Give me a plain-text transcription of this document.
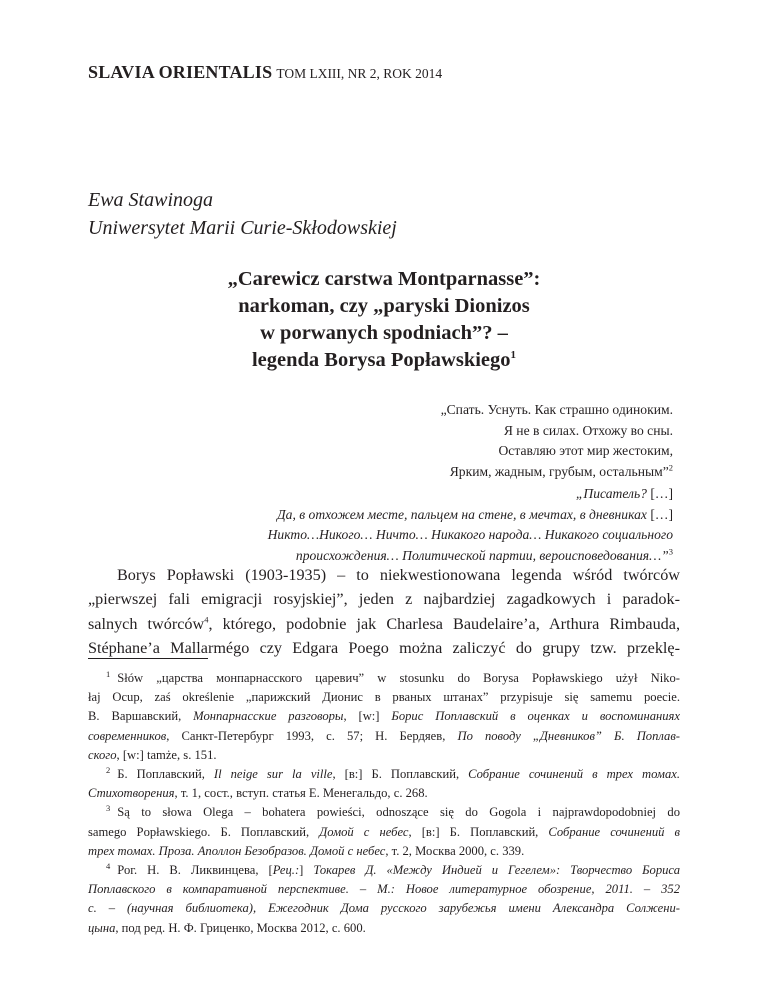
SLAVIA ORIENTALIS TOM LXIII, NR 2, ROK 2014
Ewa Stawinoga
Uniwersytet Marii Curie-Skłodowskiej
„Carewicz carstwa Montparnasse”:
narkoman, czy „paryski Dionizos
w porwanych spodniach”? –
legenda Borysa Popławskiego$^1$
„Спать. Уснуть. Как страшно одиноким.
Я не в силах. Отхожу во сны.
Оставляю этот мир жестоким,
Ярким, жадным, грубым, остальным”$^2$
„Писатель? […]
Да, в отхожем месте, пальцем на стене, в мечтах, в дневниках […]
Никто…Никого… Ничто… Никакого народа… Никакого социального
происхождения… Политической партии, вероисповедования…”$^3$
Borys Popławski (1903-1935) – to niekwestionowana legenda wśród twórców
„pierwszej fali emigracji rosyjskiej”, jeden z najbardziej zagadkowych i paradok-
salnych twórców$^4$, którego, podobnie jak Charlesa Baudelaire’a, Arthura Rimbauda,
Stéphane’a Mallarmégo czy Edgara Poego można zaliczyć do grupy tzw. przeklę-
$^1$ Słów „царства монпарнасского царевич” w stosunku do Borysa Popławskiego użył Niko-
łaj Ocup, zaś określenie „парижский Дионис в рваных штанах” przypisuje się samemu poecie.
В. Варшавский, Монпарнасские разговоры, [w:] Борис Поплавский в оценках и воспоминаниях
современников, Санкт-Петербург 1993, с. 57; Н. Бердяев, По поводу „Дневников” Б. Поплав-
ского, [w:] tamże, s. 151.
$^2$ Б. Поплавский, Il neige sur la ville, [в:] Б. Поплавский, Собрание сочинений в трех томах.
Стихотворения, т. 1, сост., вступ. статья Е. Менегальдо, с. 268.
$^3$ Są to słowa Olega – bohatera powieści, odnoszące się do Gogola i najprawdopodobniej do
samego Popławskiego. Б. Поплавский, Домой с небес, [в:] Б. Поплавский, Собрание сочинений в
трех томах. Проза. Аполлон Безобразов. Домой с небес, т. 2, Москва 2000, с. 339.
$^4$ Рог. Н. В. Ликвинцева, [Рец.:] Токарев Д. «Между Индией и Гегелем»: Творчество Бориса
Поплавского в компаративной перспективе. – М.: Новое литературное обозрение, 2011. – 352
с. – (научная библиотека), Ежегодник Дома русского зарубежья имени Александра Солжени-
цына, под ред. Н. Ф. Гриценко, Москва 2012, с. 600.
